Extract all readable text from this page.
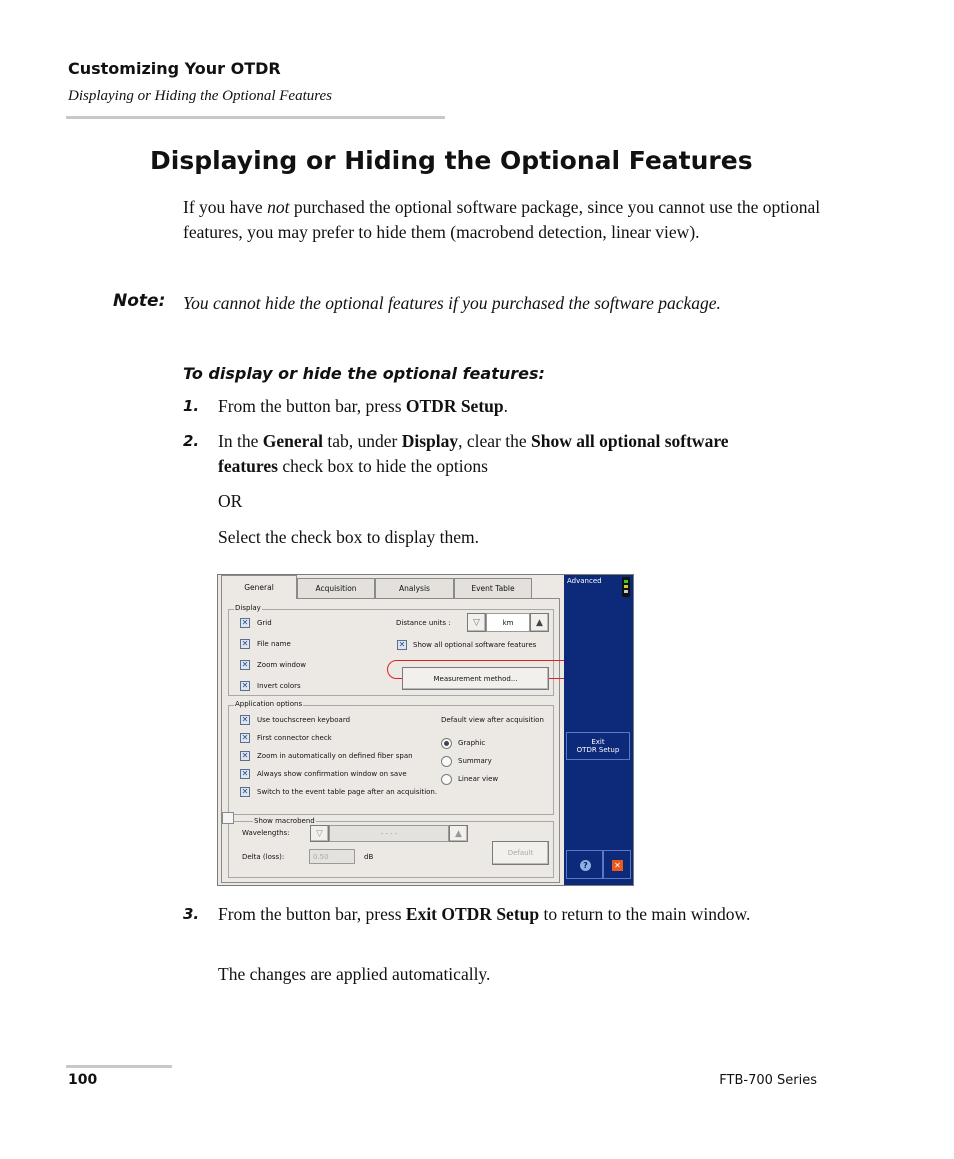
Customizing Your OTDR
Displaying or Hiding the Optional Features
Displaying or Hiding the Optional Features
If you have not purchased the optional software package, since you cannot use the optional features, you may prefer to hide them (macrobend detection, linear view).
Note: You cannot hide the optional features if you purchased the software package.
To display or hide the optional features:
1. From the button bar, press OTDR Setup.
2. In the General tab, under Display, clear the Show all optional software features check box to hide the options
OR
Select the check box to display them.
General	Acquisition	Analysis	Event Table
Display
✕ Grid
✕ File name
✕ Zoom window
✕ Invert colors
Distance units :	▽	km	▲
✕ Show all optional software features
Measurement method...
Application options
✕ Use touchscreen keyboard
✕ First connector check
✕ Zoom in automatically on defined fiber span
✕ Always show confirmation window on save
✕ Switch to the event table page after an acquisition.
Default view after acquisition
Graphic
Summary
Linear view
Show macrobend
Wavelengths:	▽	- - - -	▲
Delta (loss):	0.50	dB	Default
Advanced
Exit
OTDR Setup
?	✕
3. From the button bar, press Exit OTDR Setup to return to the main window.
The changes are applied automatically.
100	FTB-700 Series
